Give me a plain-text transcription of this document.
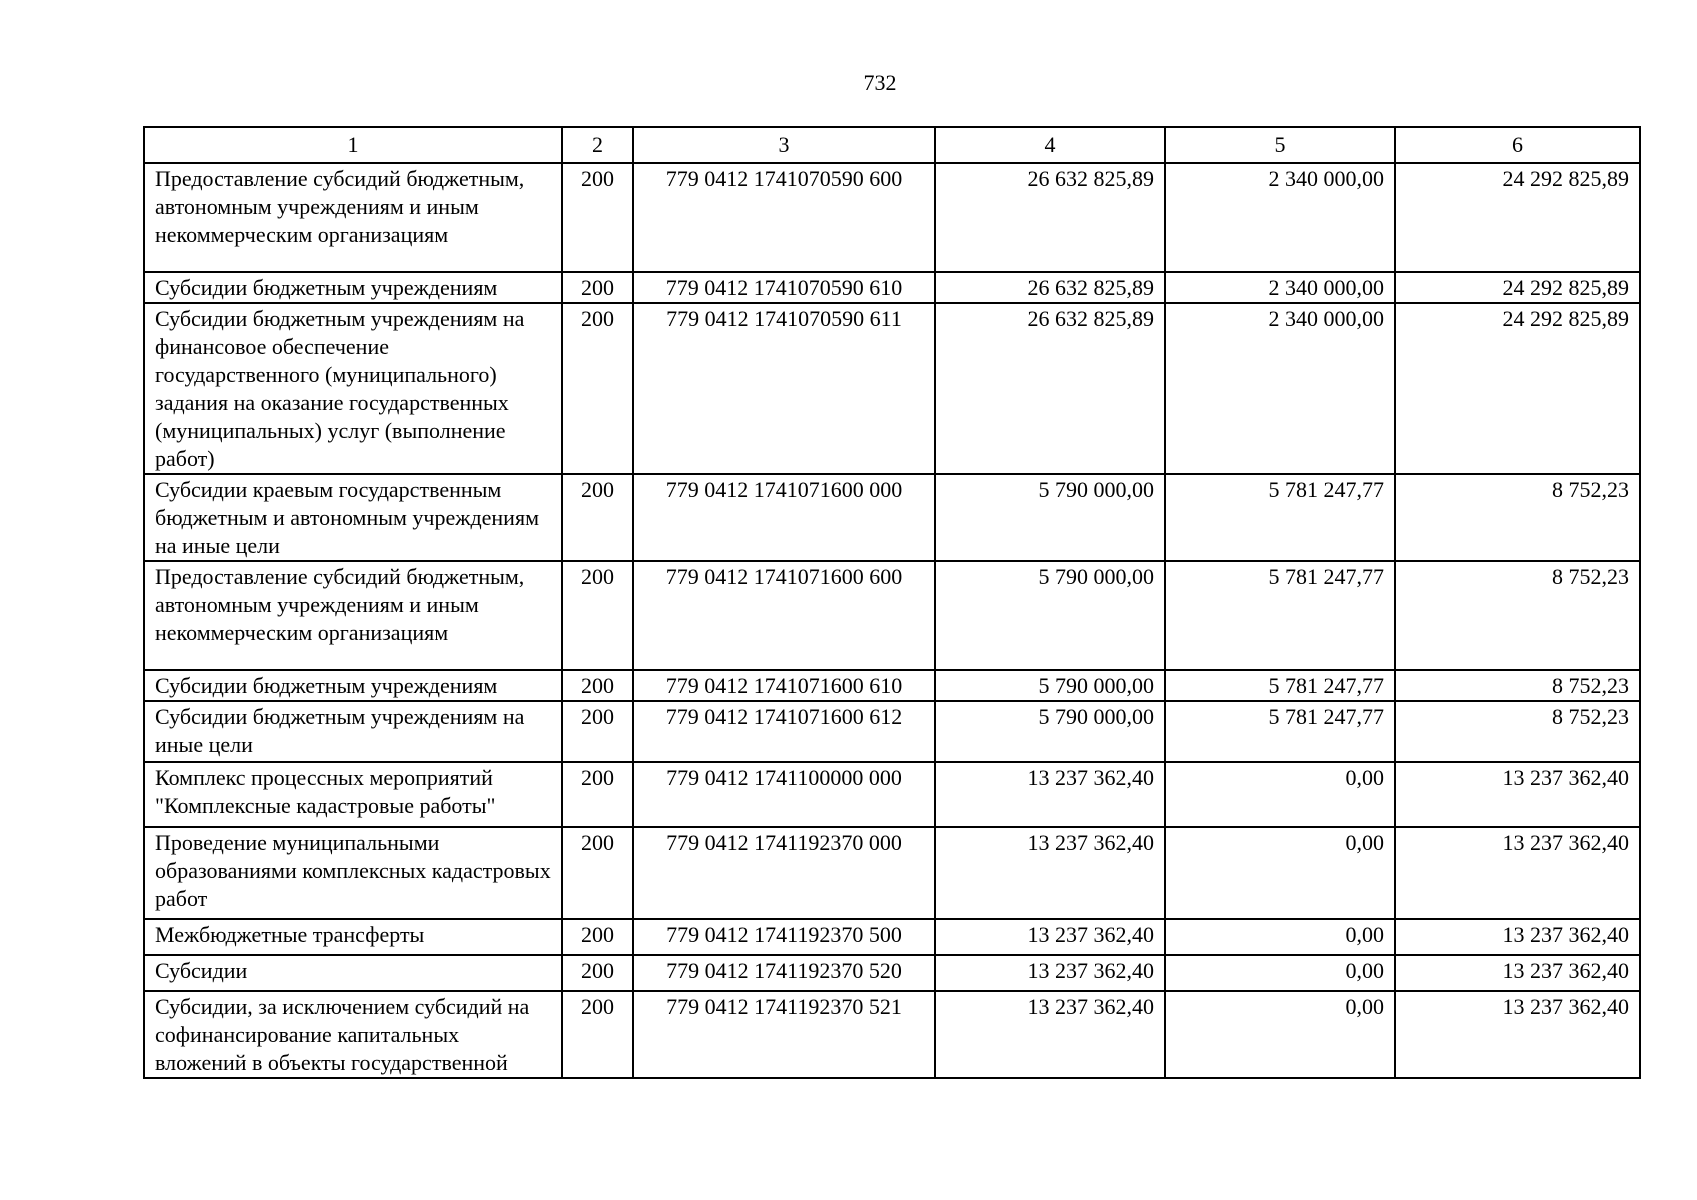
732
1	2	3	4	5	6
Предоставление субсидий бюджетным, автономным учреждениям и иным некоммерческим организациям	200	779 0412 1741070590 600	26 632 825,89	2 340 000,00	24 292 825,89
Субсидии бюджетным учреждениям	200	779 0412 1741070590 610	26 632 825,89	2 340 000,00	24 292 825,89
Субсидии бюджетным учреждениям на финансовое обеспечение государственного (муниципального) задания на оказание государственных (муниципальных) услуг (выполнение работ)	200	779 0412 1741070590 611	26 632 825,89	2 340 000,00	24 292 825,89
Субсидии краевым государственным бюджетным и автономным учреждениям на иные цели	200	779 0412 1741071600 000	5 790 000,00	5 781 247,77	8 752,23
Предоставление субсидий бюджетным, автономным учреждениям и иным некоммерческим организациям	200	779 0412 1741071600 600	5 790 000,00	5 781 247,77	8 752,23
Субсидии бюджетным учреждениям	200	779 0412 1741071600 610	5 790 000,00	5 781 247,77	8 752,23
Субсидии бюджетным учреждениям на иные цели	200	779 0412 1741071600 612	5 790 000,00	5 781 247,77	8 752,23
Комплекс процессных мероприятий "Комплексные кадастровые работы"	200	779 0412 1741100000 000	13 237 362,40	0,00	13 237 362,40
Проведение муниципальными образованиями комплексных кадастровых работ	200	779 0412 1741192370 000	13 237 362,40	0,00	13 237 362,40
Межбюджетные трансферты	200	779 0412 1741192370 500	13 237 362,40	0,00	13 237 362,40
Субсидии	200	779 0412 1741192370 520	13 237 362,40	0,00	13 237 362,40
Субсидии, за исключением субсидий на софинансирование капитальных вложений в объекты государственной	200	779 0412 1741192370 521	13 237 362,40	0,00	13 237 362,40
